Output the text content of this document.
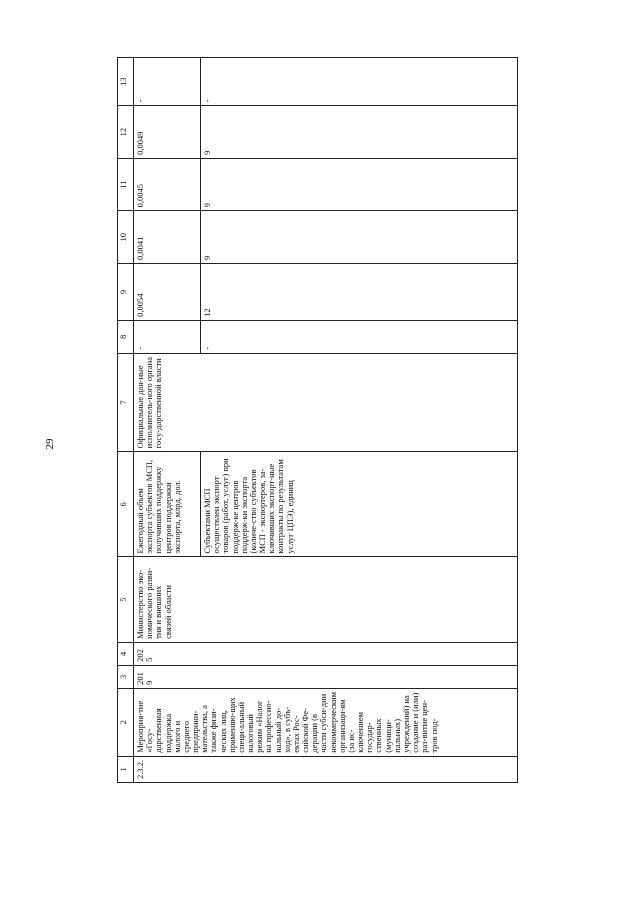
29
1	2	3	4	5	6	7	8	9	10	11	12	13
2.3.2.	Мероприя-тие «Госу-дарственная поддержка малого и среднего предприни-мательства, а также физи-ческих лиц, применяю-щих специ-альный налоговый режим «Налог на профессио-нальный до-ход», в субъ-ектах Рос-сийской Фе-дерации (в части субси-дии некоммерческим организаци-ям (за ис-ключением государ-ственных (муници-пальных) учреждений) на создание и (или) раз-витие цен-тров под-	2019	2025	Министерство эко-номического разви-тия и внешних связей области	Ежегодный объем экспорта субъектов МСП, получивших поддержку центров поддержки экспорта, млрд. дол.	Официальные дан-ные исполнитель-ного органа госу-дарственной власти	-	0,0054	0,0041	0,0045	0,0049	-
					Субъектами МСП осуществлен экспорт товаров (работ, услуг) при поддерж-ке центров поддерж-ки экспорта (количе-ство субъектов МСП - экспортеров, за-ключивших экспорт-ные контракты по результатам услуг ЦПЭ), единиц		-	12	9	9	9	-
